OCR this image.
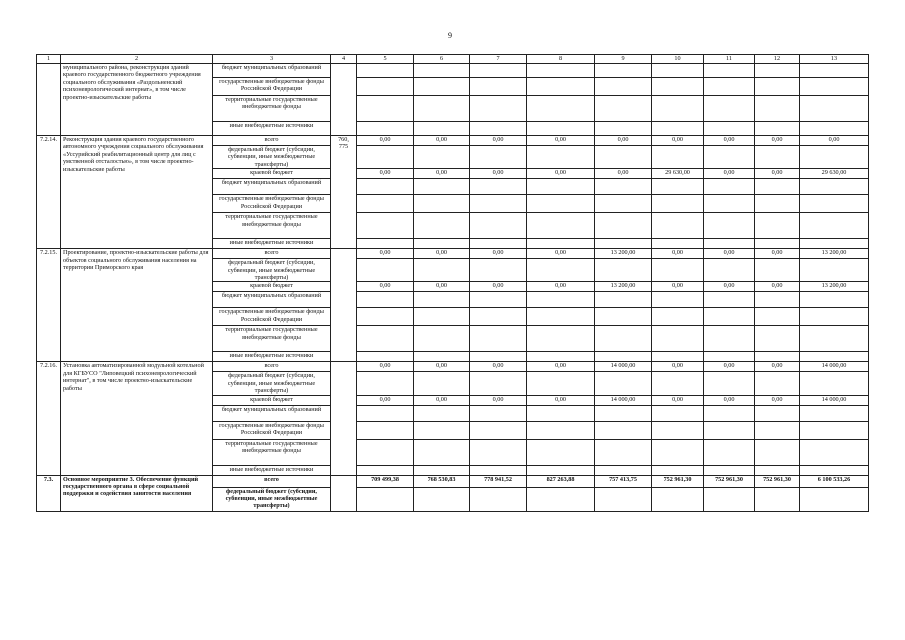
9
1	2	3	4	5	6	7	8	9	10	11	12	13
	муниципального района, реконструкция зданий краевого государственного бюджетного учреждения социального обслуживания «Раздольненский психоневрологический интернат», в том числе проектно-изыскательские работы	бюджет муниципальных образований										
		государственные внебюджетные фонды Российской Федерации										
		территориальные государственные внебюджетные фонды										
		иные внебюджетные источники										
7.2.14.	Реконструкция здания краевого государственного автономного учреждения социального обслуживания «Уссурийский реабилитационный центр для лиц с умственной отсталостью», в том числе проектно-изыскательские работы	всего	760, 775	0,00	0,00	0,00	0,00	0,00	0,00	0,00	0,00	0,00
		федеральный бюджет (субсидии, субвенции, иные межбюджетные трансферты)										
		краевой бюджет		0,00	0,00	0,00	0,00	0,00	29 630,00	0,00	0,00	29 630,00
		бюджет муниципальных образований										
		государственные внебюджетные фонды Российской Федерации										
		территориальные государственные внебюджетные фонды										
		иные внебюджетные источники										
7.2.15.	Проектирование, проектно-изыскательские работы для объектов социального обслуживания населения на территории Приморского края	всего		0,00	0,00	0,00	0,00	13 200,00	0,00	0,00	0,00	13 200,00
		федеральный бюджет (субсидии, субвенции, иные межбюджетные трансферты)										
		краевой бюджет		0,00	0,00	0,00	0,00	13 200,00	0,00	0,00	0,00	13 200,00
		бюджет муниципальных образований										
		государственные внебюджетные фонды Российской Федерации										
		территориальные государственные внебюджетные фонды										
		иные внебюджетные источники										
7.2.16.	Установка автоматизированной модульной котельной для КГБУСО "Липовецкий психоневрологический интернат", в том числе проектно-изыскательские работы	всего		0,00	0,00	0,00	0,00	14 000,00	0,00	0,00	0,00	14 000,00
		федеральный бюджет (субсидии, субвенции, иные межбюджетные трансферты)										
		краевой бюджет		0,00	0,00	0,00	0,00	14 000,00	0,00	0,00	0,00	14 000,00
		бюджет муниципальных образований										
		государственные внебюджетные фонды Российской Федерации										
		территориальные государственные внебюджетные фонды										
		иные внебюджетные источники										
7.3.	Основное мероприятие 3. Обеспечение функций государственного органа в сфере социальной поддержки и содействия занятости населения	всего		709 499,38	768 530,83	778 941,52	827 263,88	757 413,75	752 961,30	752 961,30	752 961,30	6 100 533,26
		федеральный бюджет (субсидии, субвенции, иные межбюджетные трансферты)										
